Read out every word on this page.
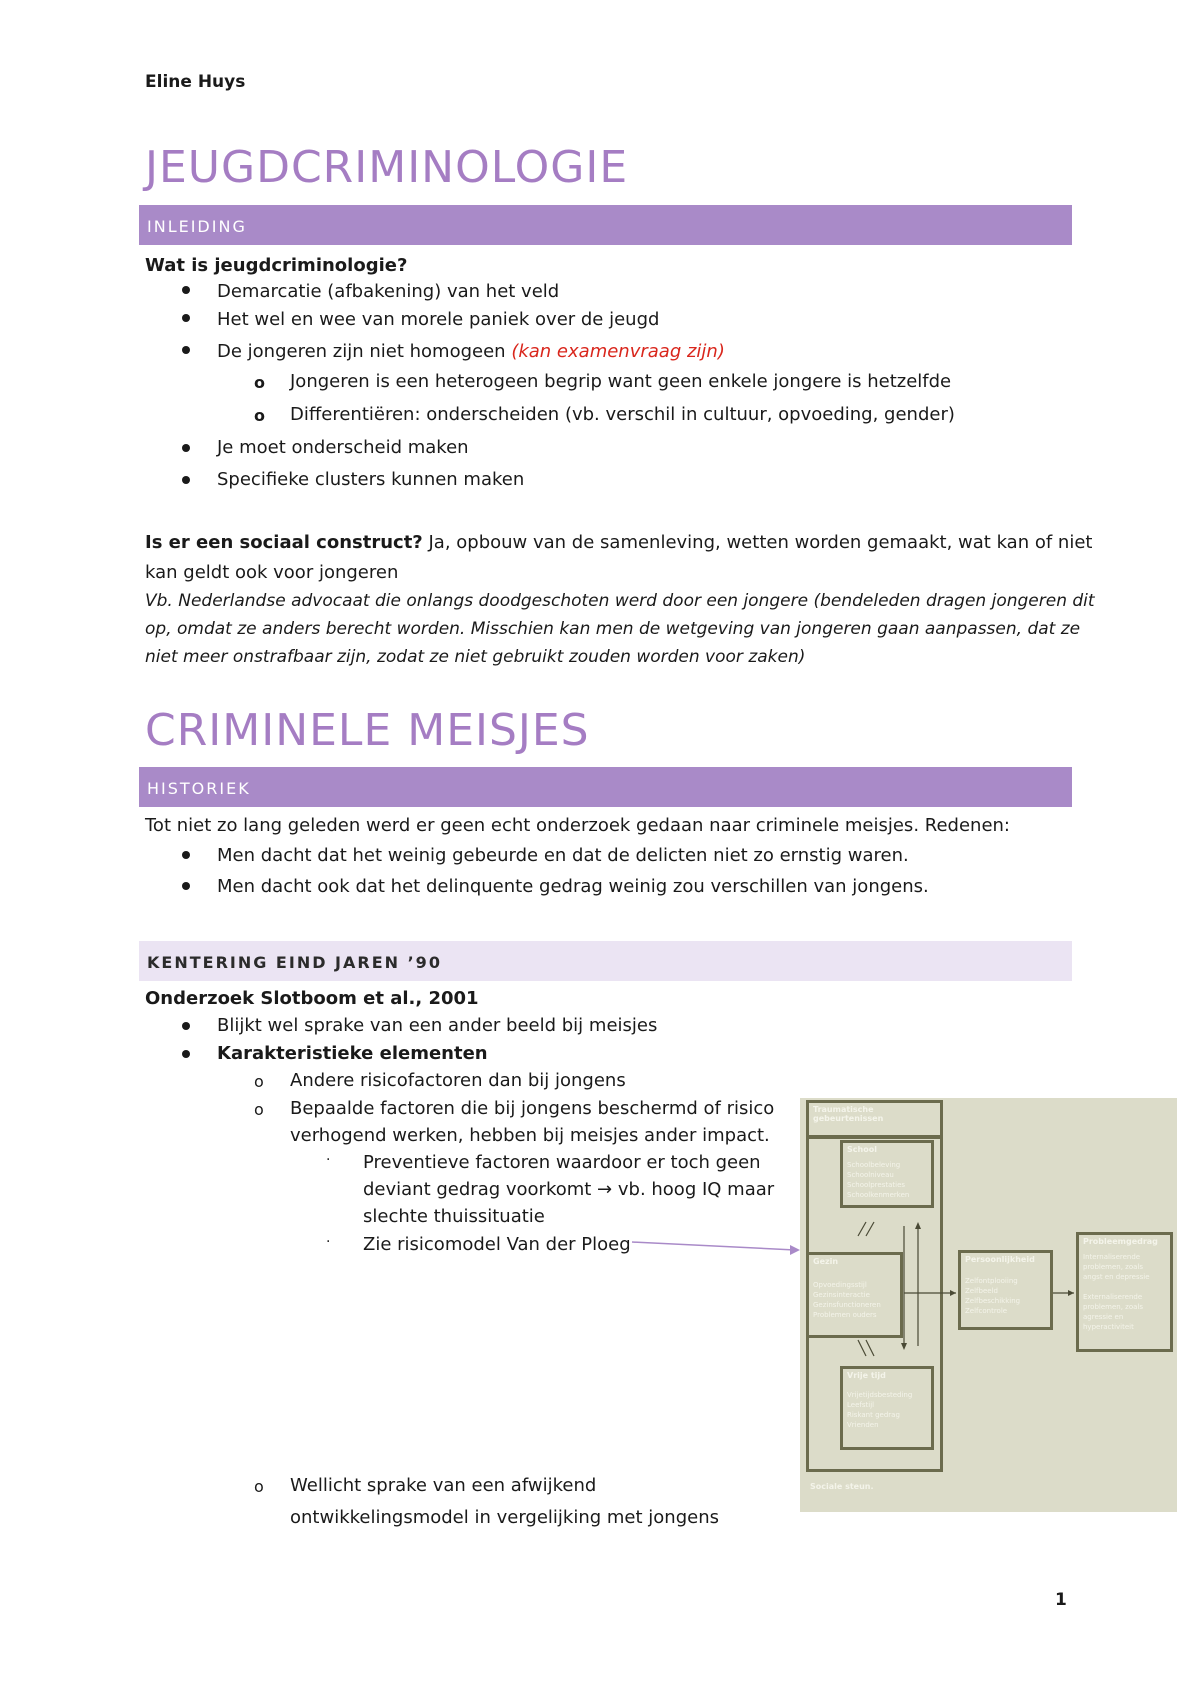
Eline Huys
JEUGDCRIMINOLOGIE
INLEIDING
Wat is jeugdcriminologie?
Demarcatie (afbakening) van het veld
Het wel en wee van morele paniek over de jeugd
De jongeren zijn niet homogeen (kan examenvraag zijn)
o Jongeren is een heterogeen begrip want geen enkele jongere is hetzelfde
o Differentiëren: onderscheiden (vb. verschil in cultuur, opvoeding, gender)
Je moet onderscheid maken
Specifieke clusters kunnen maken
Is er een sociaal construct? Ja, opbouw van de samenleving, wetten worden gemaakt, wat kan of niet
kan geldt ook voor jongeren
Vb. Nederlandse advocaat die onlangs doodgeschoten werd door een jongere (bendeleden dragen jongeren dit
op, omdat ze anders berecht worden. Misschien kan men de wetgeving van jongeren gaan aanpassen, dat ze
niet meer onstrafbaar zijn, zodat ze niet gebruikt zouden worden voor zaken)
CRIMINELE MEISJES
HISTORIEK
Tot niet zo lang geleden werd er geen echt onderzoek gedaan naar criminele meisjes. Redenen:
Men dacht dat het weinig gebeurde en dat de delicten niet zo ernstig waren.
Men dacht ook dat het delinquente gedrag weinig zou verschillen van jongens.
KENTERING EIND JAREN ’90
Onderzoek Slotboom et al., 2001
Blijkt wel sprake van een ander beeld bij meisjes
Karakteristieke elementen
o Andere risicofactoren dan bij jongens
o Bepaalde factoren die bij jongens beschermd of risico
verhogend werken, hebben bij meisjes ander impact.
· Preventieve factoren waardoor er toch geen
deviant gedrag voorkomt → vb. hoog IQ maar
slechte thuissituatie
· Zie risicomodel Van der Ploeg
o Wellicht sprake van een afwijkend
ontwikkelingsmodel in vergelijking met jongens
Traumatische
gebeurtenissen
School
Schoolbeleving
Schoolniveau
Schoolprestaties
Schoolkenmerken
Gezin
Opvoedingsstijl
Gezinsinteractie
Gezinsfunctioneren
Problemen ouders
Vrije tijd
Vrijetijdsbesteding
Leefstijl
Riskant gedrag
Vrienden
Persoonlijkheid
Zelfontplooiing
Zelfbeeld
Zelfbeschikking
Zelfcontrole
Probleemgedrag
Internaliserende
problemen, zoals
angst en depressie
Externaliserende
problemen, zoals
agressie en
hyperactiviteit
Sociale steun.
1
